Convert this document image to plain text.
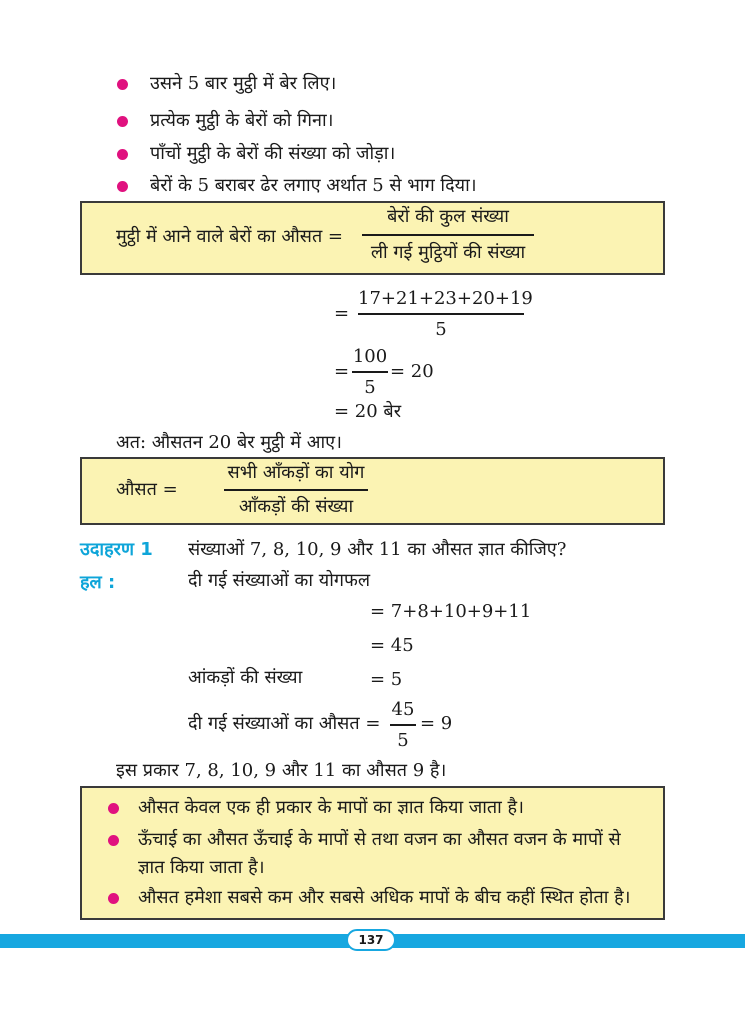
उसने 5 बार मुट्ठी में बेर लिए।
प्रत्येक मुट्ठी के बेरों को गिना।
पाँचों मुट्ठी के बेरों की संख्या को जोड़ा।
बेरों के 5 बराबर ढेर लगाए अर्थात 5 से भाग दिया।
मुट्ठी में आने वाले बेरों का औसत =
बेरों की कुल संख्या
ली गई मुट्ठियों की संख्या
=
17+21+23+20+19
5
=
100
5
= 20
= 20 बेर
अत: औसतन 20 बेर मुट्ठी में आए।
औसत =
सभी आँकड़ों का योग
आँकड़ों की संख्या
उदाहरण 1 संख्याओं 7, 8, 10, 9 और 11 का औसत ज्ञात कीजिए?
हल :	दी गई संख्याओं का योगफल
= 7+8+10+9+11
= 45
आंकड़ों की संख्या	= 5
दी गई संख्याओं का औसत =
45
5
= 9
इस प्रकार 7, 8, 10, 9 और 11 का औसत 9 है।
औसत केवल एक ही प्रकार के मापों का ज्ञात किया जाता है।
ऊँचाई का औसत ऊँचाई के मापों से तथा वजन का औसत वजन के मापों से
ज्ञात किया जाता है।
औसत हमेशा सबसे कम और सबसे अधिक मापों के बीच कहीं स्थित होता है।
137
